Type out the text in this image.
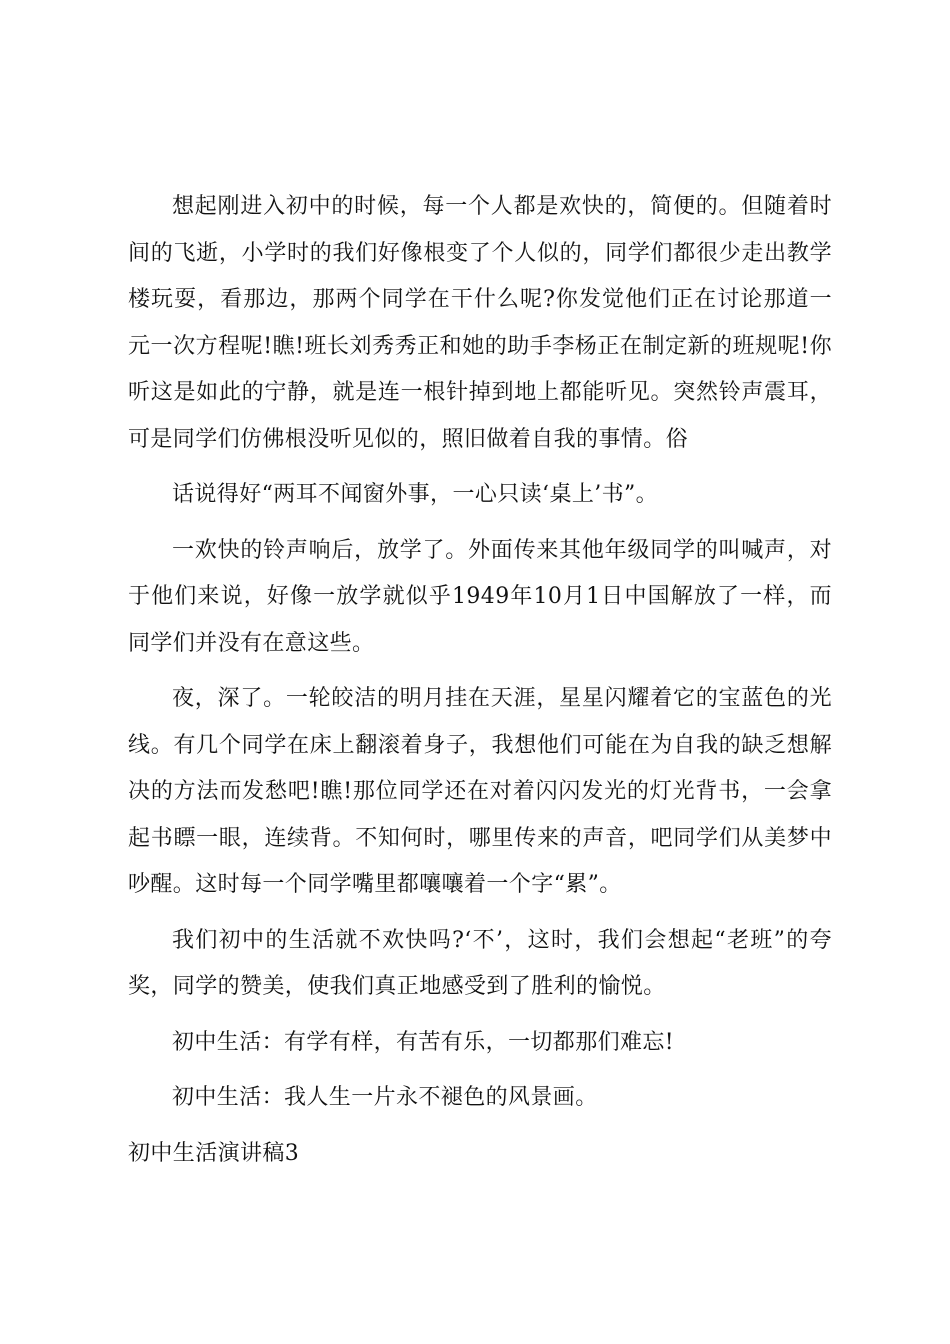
想起刚进入初中的时候，每一个人都是欢快的，简便的。但随着时间的飞逝，小学时的我们好像根变了个人似的，同学们都很少走出教学楼玩耍，看那边，那两个同学在干什么呢?你发觉他们正在讨论那道一元一次方程呢!瞧!班长刘秀秀正和她的助手李杨正在制定新的班规呢!你听这是如此的宁静，就是连一根针掉到地上都能听见。突然铃声震耳，可是同学们仿佛根没听见似的，照旧做着自我的事情。俗

话说得好“两耳不闻窗外事，一心只读‘桌上’书”。

一欢快的铃声响后，放学了。外面传来其他年级同学的叫喊声，对于他们来说，好像一放学就似乎1949年10月1日中国解放了一样，而同学们并没有在意这些。

夜，深了。一轮皎洁的明月挂在天涯，星星闪耀着它的宝蓝色的光线。有几个同学在床上翻滚着身子，我想他们可能在为自我的缺乏想解决的方法而发愁吧!瞧!那位同学还在对着闪闪发光的灯光背书，一会拿起书瞟一眼，连续背。不知何时，哪里传来的声音，吧同学们从美梦中吵醒。这时每一个同学嘴里都嚷嚷着一个字“累”。

我们初中的生活就不欢快吗?‘不’，这时，我们会想起“老班”的夸奖，同学的赞美，使我们真正地感受到了胜利的愉悦。

初中生活：有学有样，有苦有乐，一切都那们难忘!

初中生活：我人生一片永不褪色的风景画。

初中生活演讲稿3
